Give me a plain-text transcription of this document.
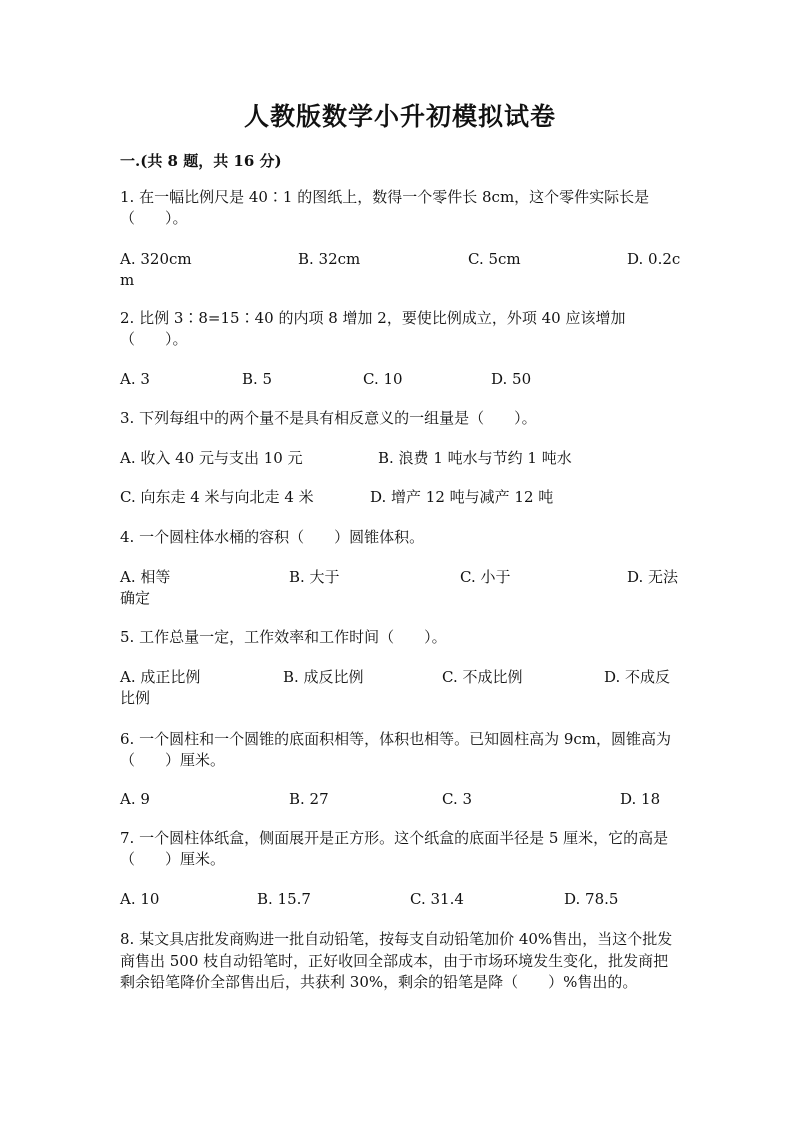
人教版数学小升初模拟试卷
一.(共 8 题，共 16 分)
1. 在一幅比例尺是 40∶1 的图纸上，数得一个零件长 8cm，这个零件实际长是（　　）。
A. 320cm	B. 32cm	C. 5cm	D. 0.2c
m
2. 比例 3∶8=15∶40 的内项 8 增加 2，要使比例成立，外项 40 应该增加（　　）。
A. 3	B. 5	C. 10	D. 50
3. 下列每组中的两个量不是具有相反意义的一组量是（　　）。
A. 收入 40 元与支出 10 元	B. 浪费 1 吨水与节约 1 吨水
C. 向东走 4 米与向北走 4 米	D. 增产 12 吨与减产 12 吨
4. 一个圆柱体水桶的容积（　　）圆锥体积。
A. 相等	B. 大于	C. 小于	D. 无法
确定
5. 工作总量一定，工作效率和工作时间（　　）。
A. 成正比例	B. 成反比例	C. 不成比例	D. 不成反
比例
6. 一个圆柱和一个圆锥的底面积相等，体积也相等。已知圆柱高为 9cm，圆锥高为（　　）厘米。
A. 9	B. 27	C. 3	D. 18
7. 一个圆柱体纸盒，侧面展开是正方形。这个纸盒的底面半径是 5 厘米，它的高是（　　）厘米。
A. 10	B. 15.7	C. 31.4	D. 78.5
8. 某文具店批发商购进一批自动铅笔，按每支自动铅笔加价 40%售出，当这个批发商售出 500 枝自动铅笔时，正好收回全部成本，由于市场环境发生变化，批发商把剩余铅笔降价全部售出后，共获利 30%，剩余的铅笔是降（　　）%售出的。
